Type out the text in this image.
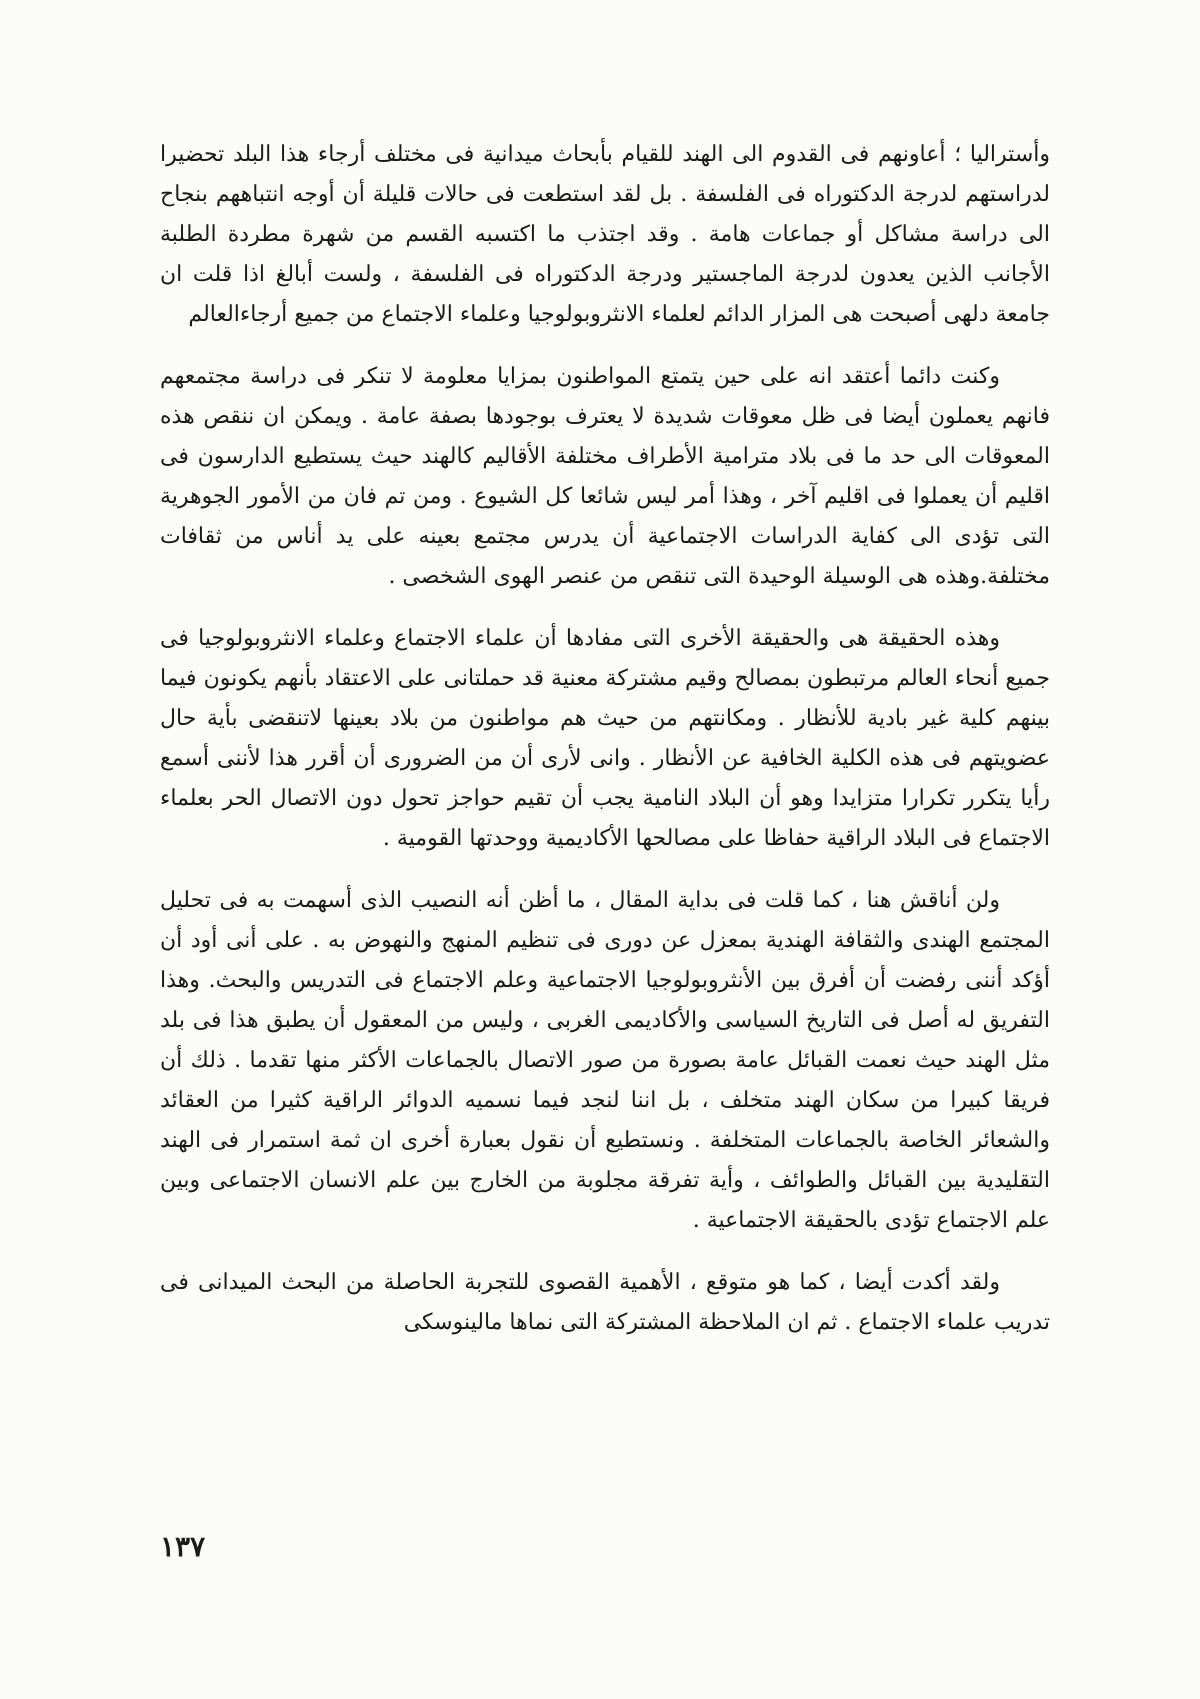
وأستراليا ؛ أعاونهم فى القدوم الى الهند للقيام بأبحاث ميدانية فى مختلف أرجاء هذا البلد تحضيرا لدراستهم لدرجة الدكتوراه فى الفلسفة . بل لقد استطعت فى حالات قليلة أن أوجه انتباههم بنجاح الى دراسة مشاكل أو جماعات هامة . وقد اجتذب ما اكتسبه القسم من شهرة مطردة الطلبة الأجانب الذين يعدون لدرجة الماجستير ودرجة الدكتوراه فى الفلسفة ، ولست أبالغ اذا قلت ان جامعة دلهى أصبحت هى المزار الدائم لعلماء الانثروبولوجيا وعلماء الاجتماع من جميع أرجاءالعالم

وكنت دائما أعتقد انه على حين يتمتع المواطنون بمزايا معلومة لا تنكر فى دراسة مجتمعهم فانهم يعملون أيضا فى ظل معوقات شديدة لا يعترف بوجودها بصفة عامة . ويمكن ان ننقص هذه المعوقات الى حد ما فى بلاد مترامية الأطراف مختلفة الأقاليم كالهند حيث يستطيع الدارسون فى اقليم أن يعملوا فى اقليم آخر ، وهذا أمر ليس شائعا كل الشيوع . ومن تم فان من الأمور الجوهرية التى تؤدى الى كفاية الدراسات الاجتماعية أن يدرس مجتمع بعينه على يد أناس من ثقافات مختلفة.وهذه هى الوسيلة الوحيدة التى تنقص من عنصر الهوى الشخصى .

وهذه الحقيقة هى والحقيقة الأخرى التى مفادها أن علماء الاجتماع وعلماء الانثروبولوجيا فى جميع أنحاء العالم مرتبطون بمصالح وقيم مشتركة معنية قد حملتانى على الاعتقاد بأنهم يكونون فيما بينهم كلية غير بادية للأنظار . ومكانتهم من حيث هم مواطنون من بلاد بعينها لاتنقضى بأية حال عضويتهم فى هذه الكلية الخافية عن الأنظار . وانى لأرى أن من الضرورى أن أقرر هذا لأننى أسمع رأيا يتكرر تكرارا متزايدا وهو أن البلاد النامية يجب أن تقيم حواجز تحول دون الاتصال الحر بعلماء الاجتماع فى البلاد الراقية حفاظا على مصالحها الأكاديمية ووحدتها القومية .

ولن أناقش هنا ، كما قلت فى بداية المقال ، ما أظن أنه النصيب الذى أسهمت به فى تحليل المجتمع الهندى والثقافة الهندية بمعزل عن دورى فى تنظيم المنهج والنهوض به . على أنى أود أن أؤكد أننى رفضت أن أفرق بين الأنثروبولوجيا الاجتماعية وعلم الاجتماع فى التدريس والبحث. وهذا التفريق له أصل فى التاريخ السياسى والأكاديمى الغربى ، وليس من المعقول أن يطبق هذا فى بلد مثل الهند حيث نعمت القبائل عامة بصورة من صور الاتصال بالجماعات الأكثر منها تقدما . ذلك أن فريقا كبيرا من سكان الهند متخلف ، بل اننا لنجد فيما نسميه الدوائر الراقية كثيرا من العقائد والشعائر الخاصة بالجماعات المتخلفة . ونستطيع أن نقول بعبارة أخرى ان ثمة استمرار فى الهند التقليدية بين القبائل والطوائف ، وأية تفرقة مجلوبة من الخارج بين علم الانسان الاجتماعى وبين علم الاجتماع تؤدى بالحقيقة الاجتماعية .

ولقد أكدت أيضا ، كما هو متوقع ، الأهمية القصوى للتجربة الحاصلة من البحث الميدانى فى تدريب علماء الاجتماع . ثم ان الملاحظة المشتركة التى نماها مالينوسكى

١٣٧
